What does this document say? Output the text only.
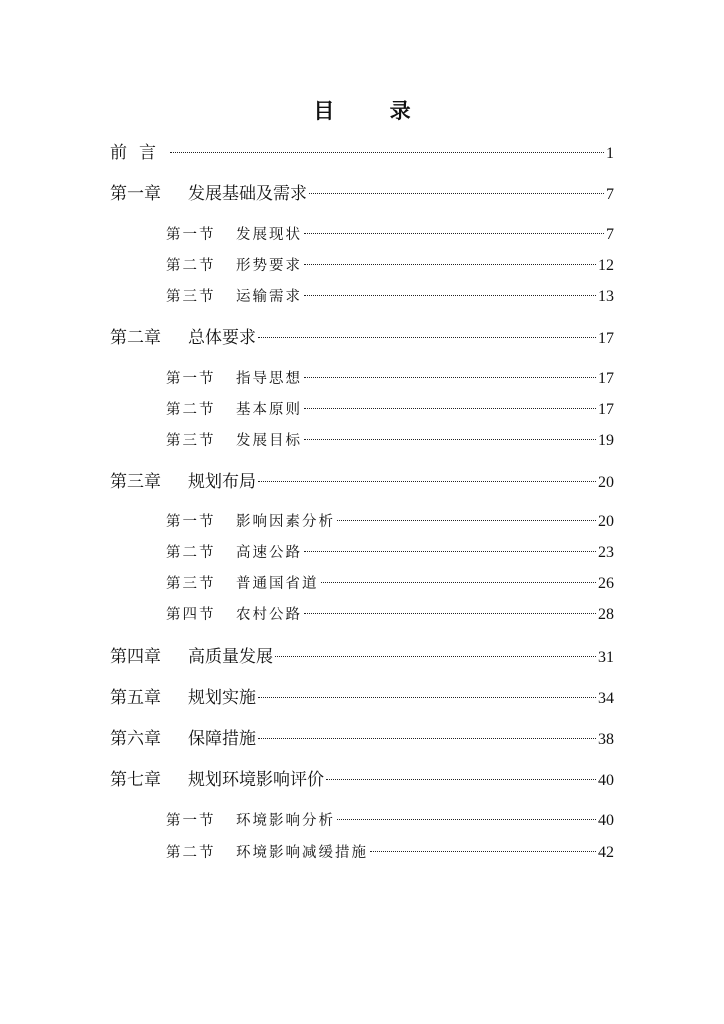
目 录
前言	1
第一章	发展基础及需求	7
第一节	发展现状	7
第二节	形势要求	12
第三节	运输需求	13
第二章	总体要求	17
第一节	指导思想	17
第二节	基本原则	17
第三节	发展目标	19
第三章	规划布局	20
第一节	影响因素分析	20
第二节	高速公路	23
第三节	普通国省道	26
第四节	农村公路	28
第四章	高质量发展	31
第五章	规划实施	34
第六章	保障措施	38
第七章	规划环境影响评价	40
第一节	环境影响分析	40
第二节	环境影响减缓措施	42
